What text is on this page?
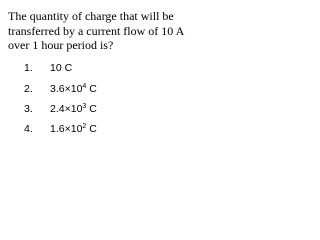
The quantity of charge that will be
transferred by a current flow of 10 A
over 1 hour period is?
1.	10 C
2.	$3.6\times 10^4$ C
3.	$2.4\times 10^3$ C
4.	$1.6\times 10^2$ C
